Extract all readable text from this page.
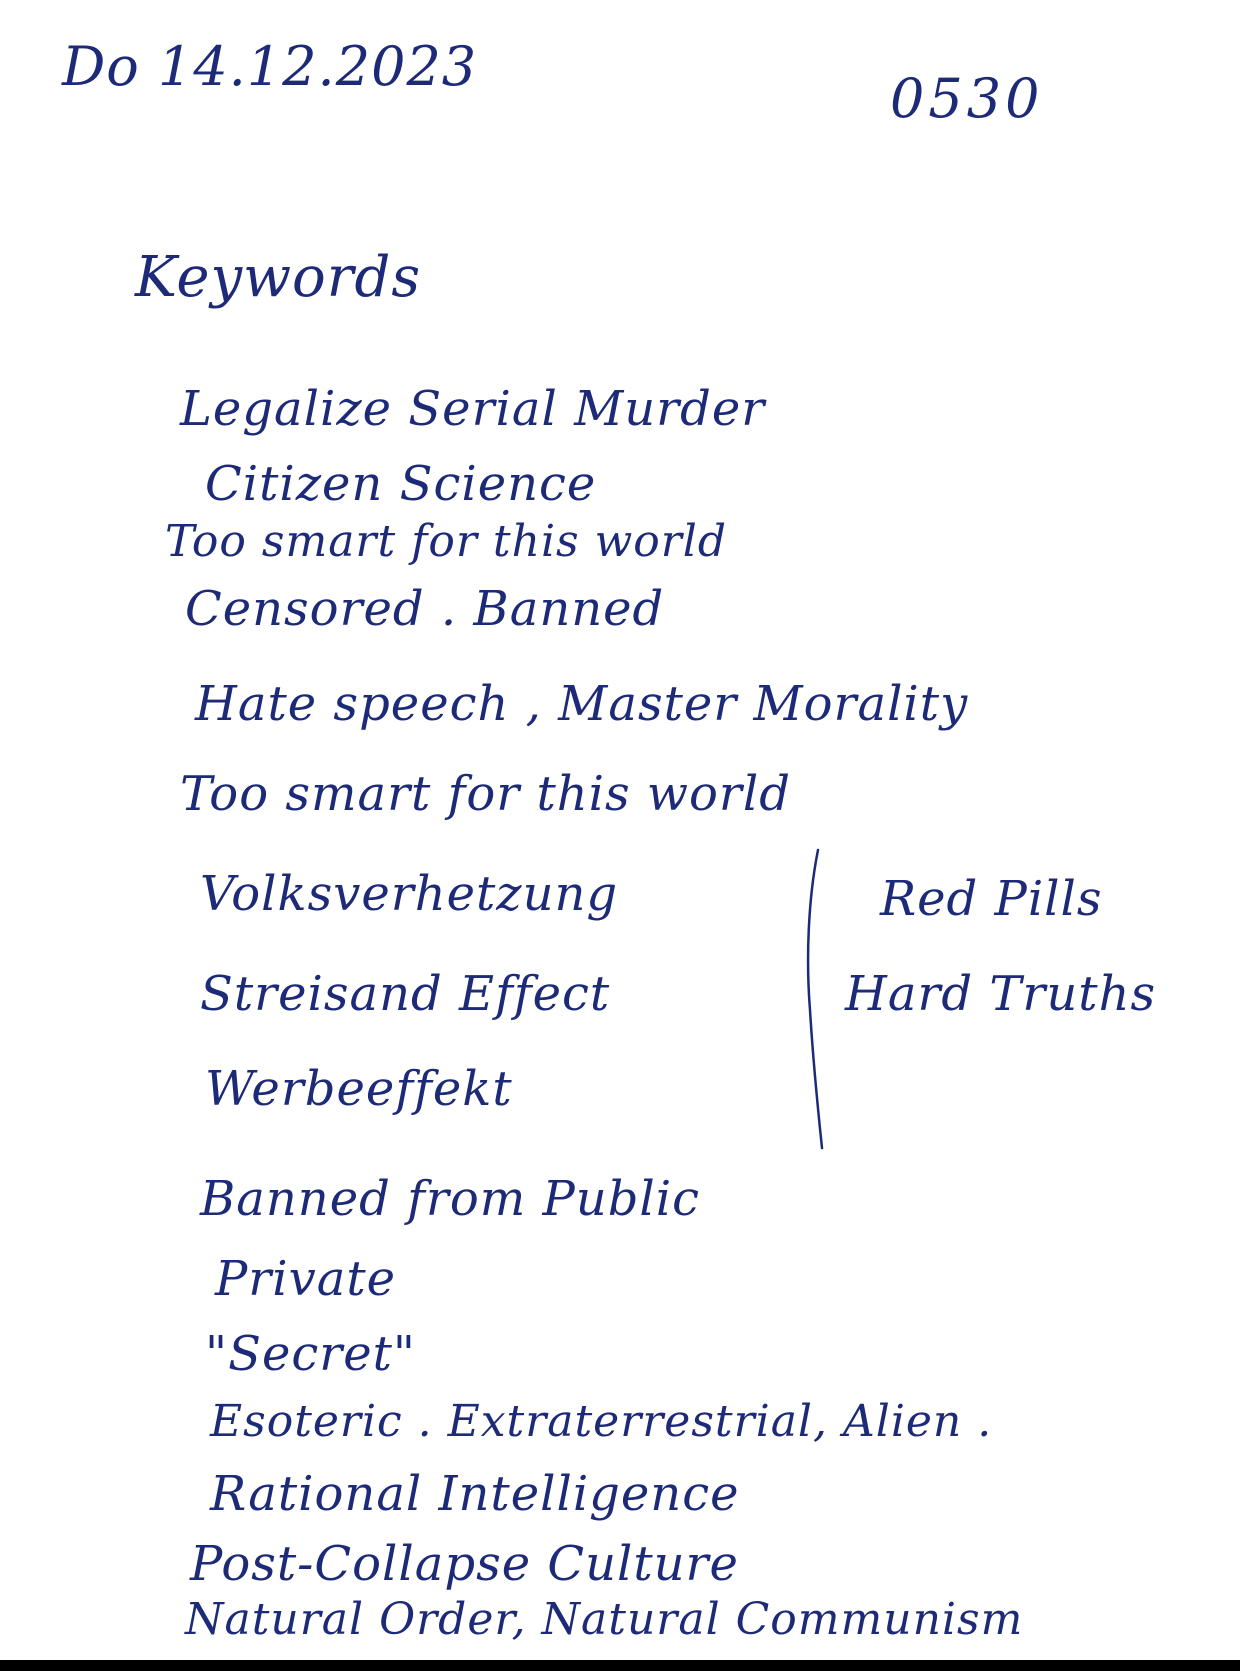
Do 14.12.2023
0530
Keywords
Legalize Serial Murder
Citizen Science
Too smart for this world
Censored . Banned
Hate speech , Master Morality
Too smart for this world
Volksverhetzung
Streisand Effect
Werbeeffekt
Red Pills
Hard Truths
Banned from Public
Private
"Secret"
Esoteric . Extraterrestrial, Alien .
Rational Intelligence
Post-Collapse Culture
Natural Order, Natural Communism
